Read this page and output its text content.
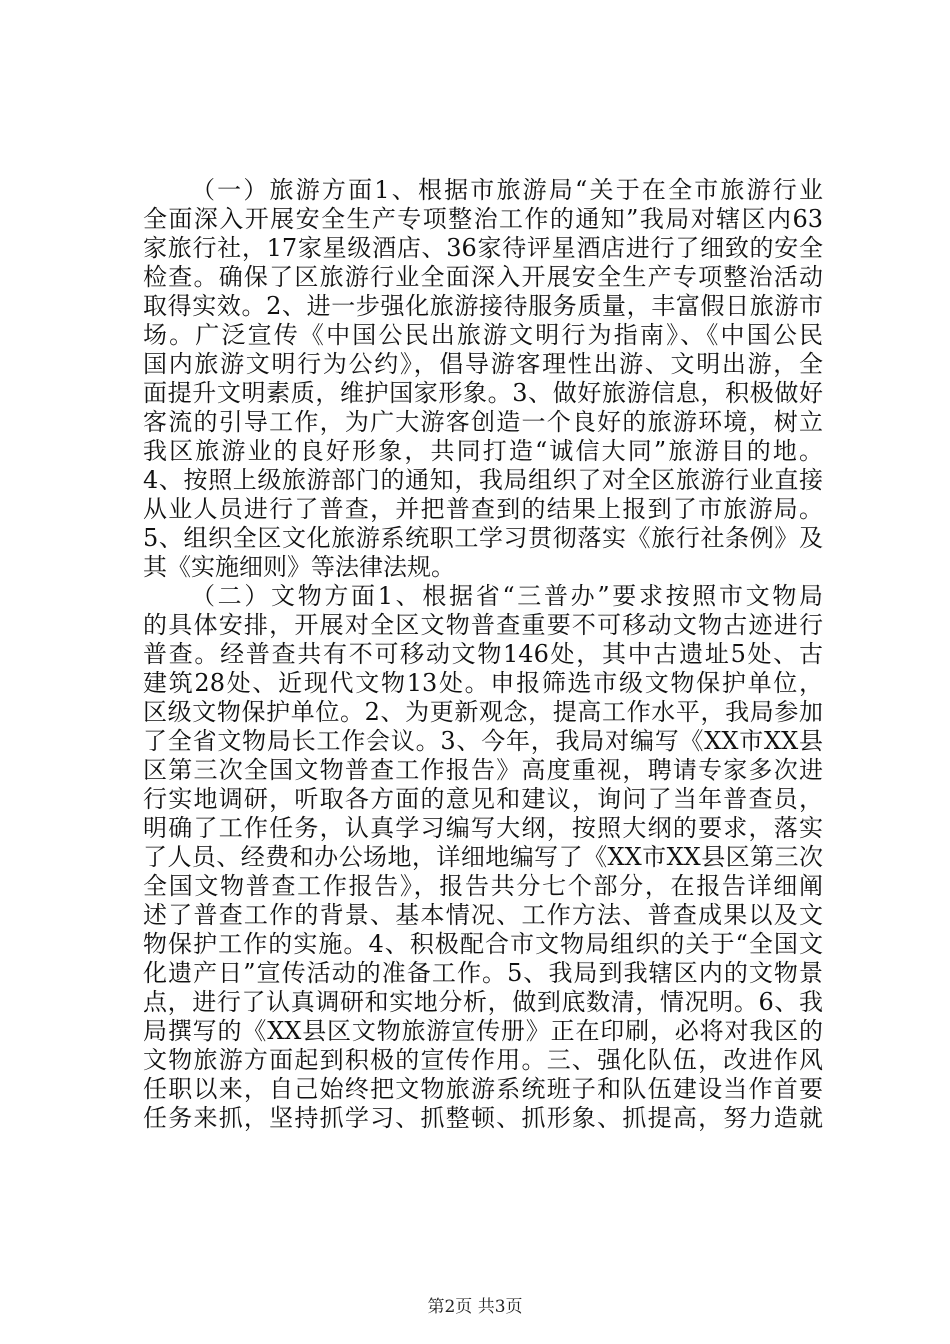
（一）旅游方面1、根据市旅游局“关于在全市旅游行业
全面深入开展安全生产专项整治工作的通知”我局对辖区内63
家旅行社，17家星级酒店、36家待评星酒店进行了细致的安全
检查。确保了区旅游行业全面深入开展安全生产专项整治活动
取得实效。2、进一步强化旅游接待服务质量，丰富假日旅游市
场。广泛宣传《中国公民出旅游文明行为指南》、《中国公民
国内旅游文明行为公约》，倡导游客理性出游、文明出游，全
面提升文明素质，维护国家形象。3、做好旅游信息，积极做好
客流的引导工作，为广大游客创造一个良好的旅游环境，树立
我区旅游业的良好形象，共同打造“诚信大同”旅游目的地。
4、按照上级旅游部门的通知，我局组织了对全区旅游行业直接
从业人员进行了普查，并把普查到的结果上报到了市旅游局。
5、组织全区文化旅游系统职工学习贯彻落实《旅行社条例》及
其《实施细则》等法律法规。
（二）文物方面1、根据省“三普办”要求按照市文物局
的具体安排，开展对全区文物普查重要不可移动文物古迹进行
普查。经普查共有不可移动文物146处，其中古遗址5处、古
建筑28处、近现代文物13处。申报筛选市级文物保护单位，
区级文物保护单位。2、为更新观念，提高工作水平，我局参加
了全省文物局长工作会议。3、今年，我局对编写《XX市XX县
区第三次全国文物普查工作报告》高度重视，聘请专家多次进
行实地调研，听取各方面的意见和建议，询问了当年普查员，
明确了工作任务，认真学习编写大纲，按照大纲的要求，落实
了人员、经费和办公场地，详细地编写了《XX市XX县区第三次
全国文物普查工作报告》，报告共分七个部分，在报告详细阐
述了普查工作的背景、基本情况、工作方法、普查成果以及文
物保护工作的实施。4、积极配合市文物局组织的关于“全国文
化遗产日”宣传活动的准备工作。5、我局到我辖区内的文物景
点，进行了认真调研和实地分析，做到底数清，情况明。6、我
局撰写的《XX县区文物旅游宣传册》正在印刷，必将对我区的
文物旅游方面起到积极的宣传作用。三、强化队伍，改进作风
任职以来，自己始终把文物旅游系统班子和队伍建设当作首要
任务来抓，坚持抓学习、抓整顿、抓形象、抓提高，努力造就
第2页 共3页
